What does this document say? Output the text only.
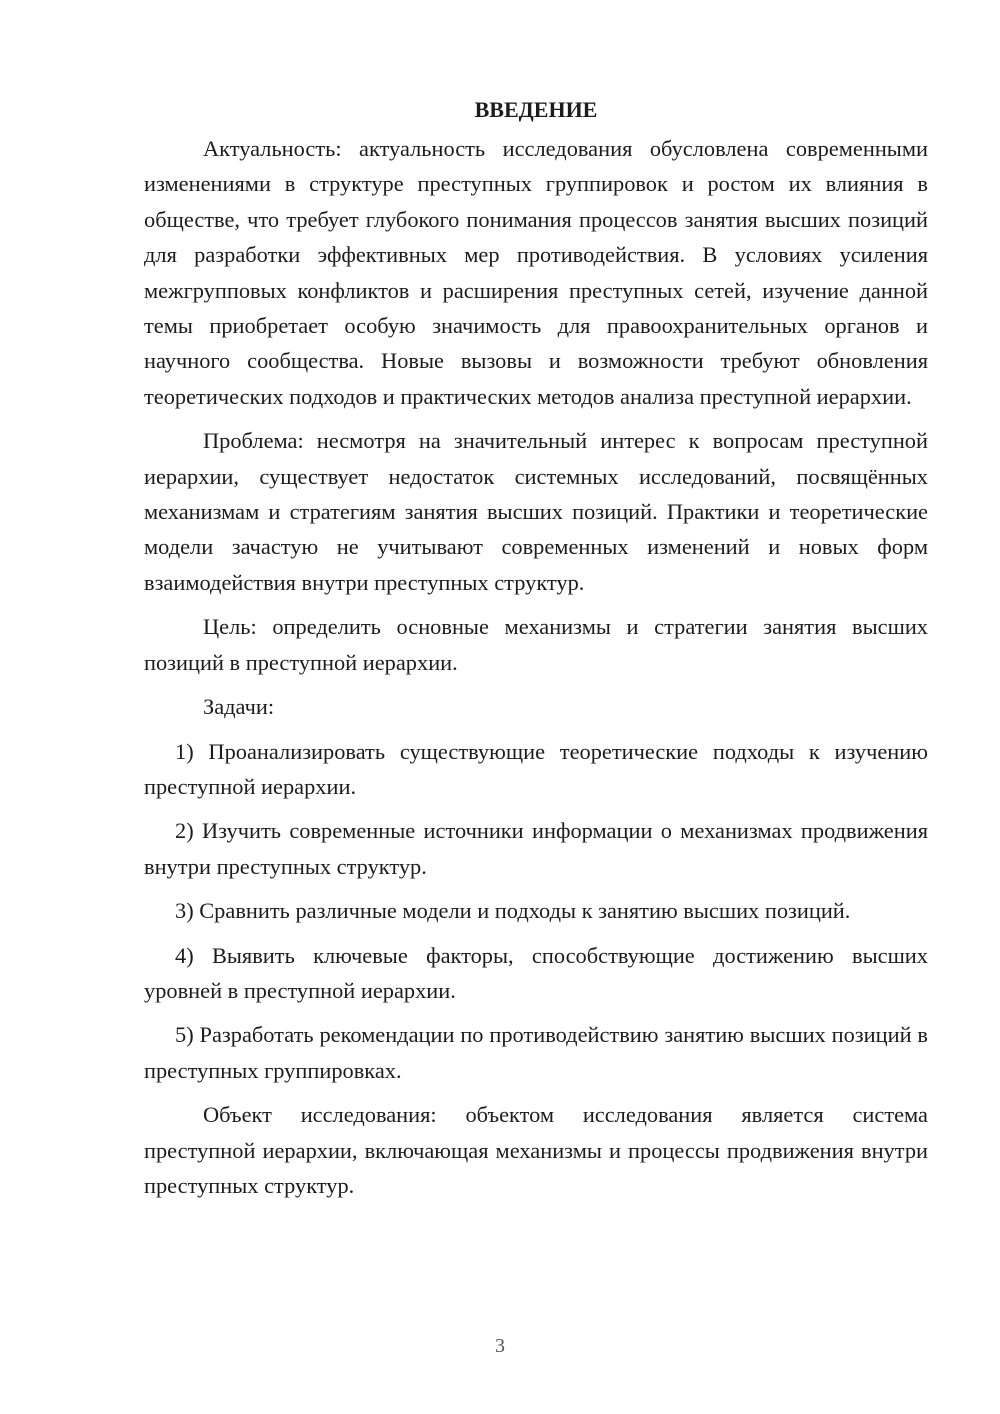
ВВЕДЕНИЕ

Актуальность: актуальность исследования обусловлена современными изменениями в структуре преступных группировок и ростом их влияния в обществе, что требует глубокого понимания процессов занятия высших позиций для разработки эффективных мер противодействия. В условиях усиления межгрупповых конфликтов и расширения преступных сетей, изучение данной темы приобретает особую значимость для правоохранительных органов и научного сообщества. Новые вызовы и возможности требуют обновления теоретических подходов и практических методов анализа преступной иерархии.

Проблема: несмотря на значительный интерес к вопросам преступной иерархии, существует недостаток системных исследований, посвящённых механизмам и стратегиям занятия высших позиций. Практики и теоретические модели зачастую не учитывают современных изменений и новых форм взаимодействия внутри преступных структур.

Цель: определить основные механизмы и стратегии занятия высших позиций в преступной иерархии.

Задачи:

1) Проанализировать существующие теоретические подходы к изучению преступной иерархии.

2) Изучить современные источники информации о механизмах продвижения внутри преступных структур.

3) Сравнить различные модели и подходы к занятию высших позиций.

4) Выявить ключевые факторы, способствующие достижению высших уровней в преступной иерархии.

5) Разработать рекомендации по противодействию занятию высших позиций в преступных группировках.

Объект исследования: объектом исследования является система преступной иерархии, включающая механизмы и процессы продвижения внутри преступных структур.

3
